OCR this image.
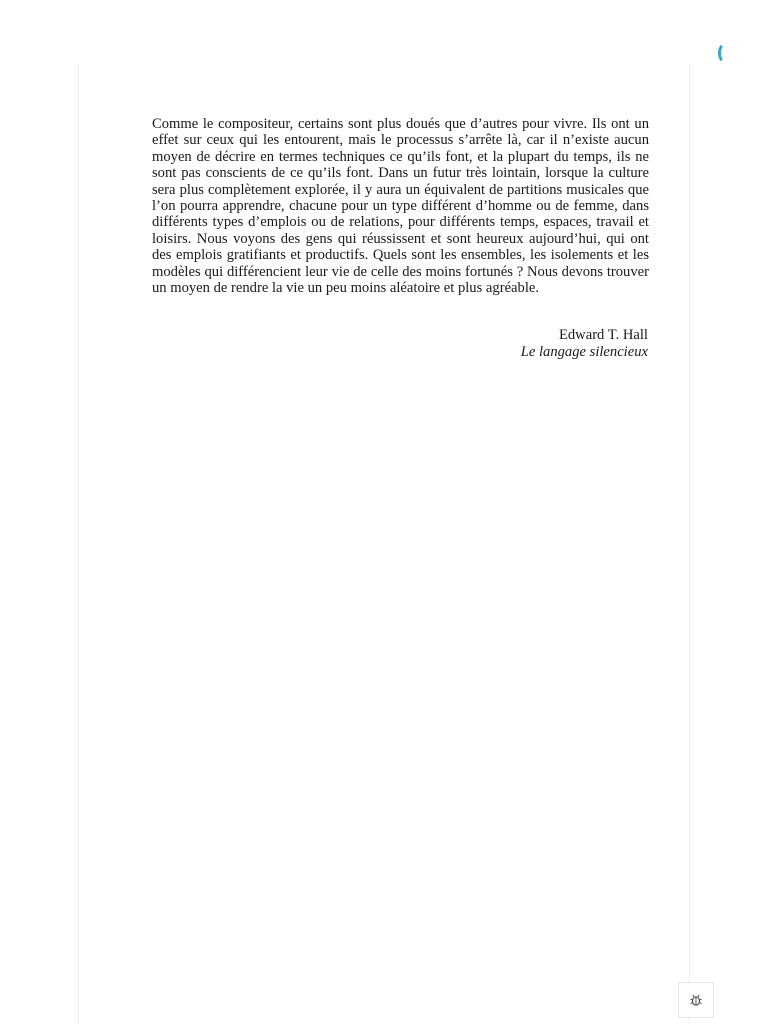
Comme le compositeur, certains sont plus doués que d’autres pour vivre. Ils ont un effet sur ceux qui les entourent, mais le processus s’arrête là, car il n’existe aucun moyen de décrire en termes techniques ce qu’ils font, et la plupart du temps, ils ne sont pas conscients de ce qu’ils font. Dans un futur très lointain, lorsque la culture sera plus complètement explorée, il y aura un équivalent de partitions musicales que l’on pourra apprendre, chacune pour un type différent d’homme ou de femme, dans différents types d’emplois ou de relations, pour différents temps, espaces, travail et loisirs. Nous voyons des gens qui réussissent et sont heureux aujourd’hui, qui ont des emplois gratifiants et productifs. Quels sont les ensembles, les isolements et les modèles qui différencient leur vie de celle des moins fortunés ? Nous devons trouver un moyen de rendre la vie un peu moins aléatoire et plus agréable.

Edward T. Hall
Le langage silencieux
